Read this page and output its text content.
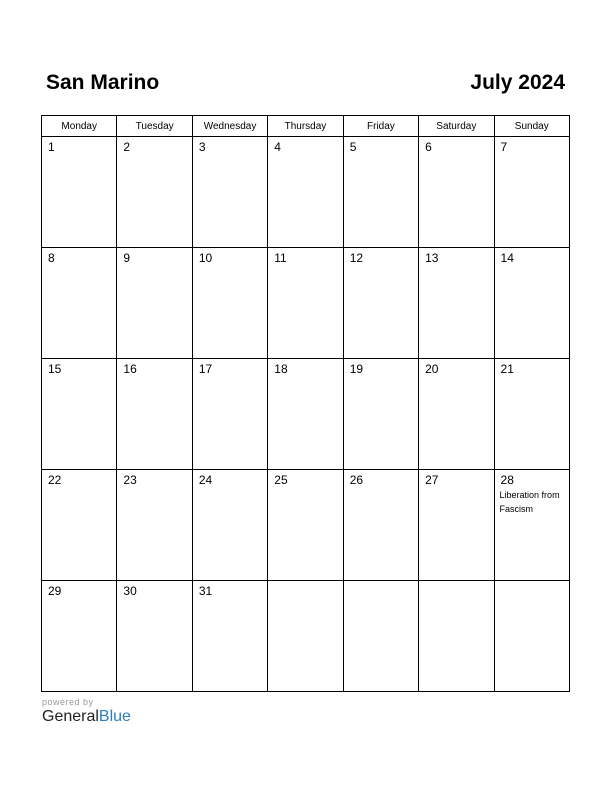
San Marino	July 2024
Monday	Tuesday	Wednesday	Thursday	Friday	Saturday	Sunday

1	2	3	4	5	6	7

8	9	10	11	12	13	14

15	16	17	18	19	20	21

22	23	24	25	26	27	28
Liberation from Fascism

29	30	31				

powered by
GeneralBlue
